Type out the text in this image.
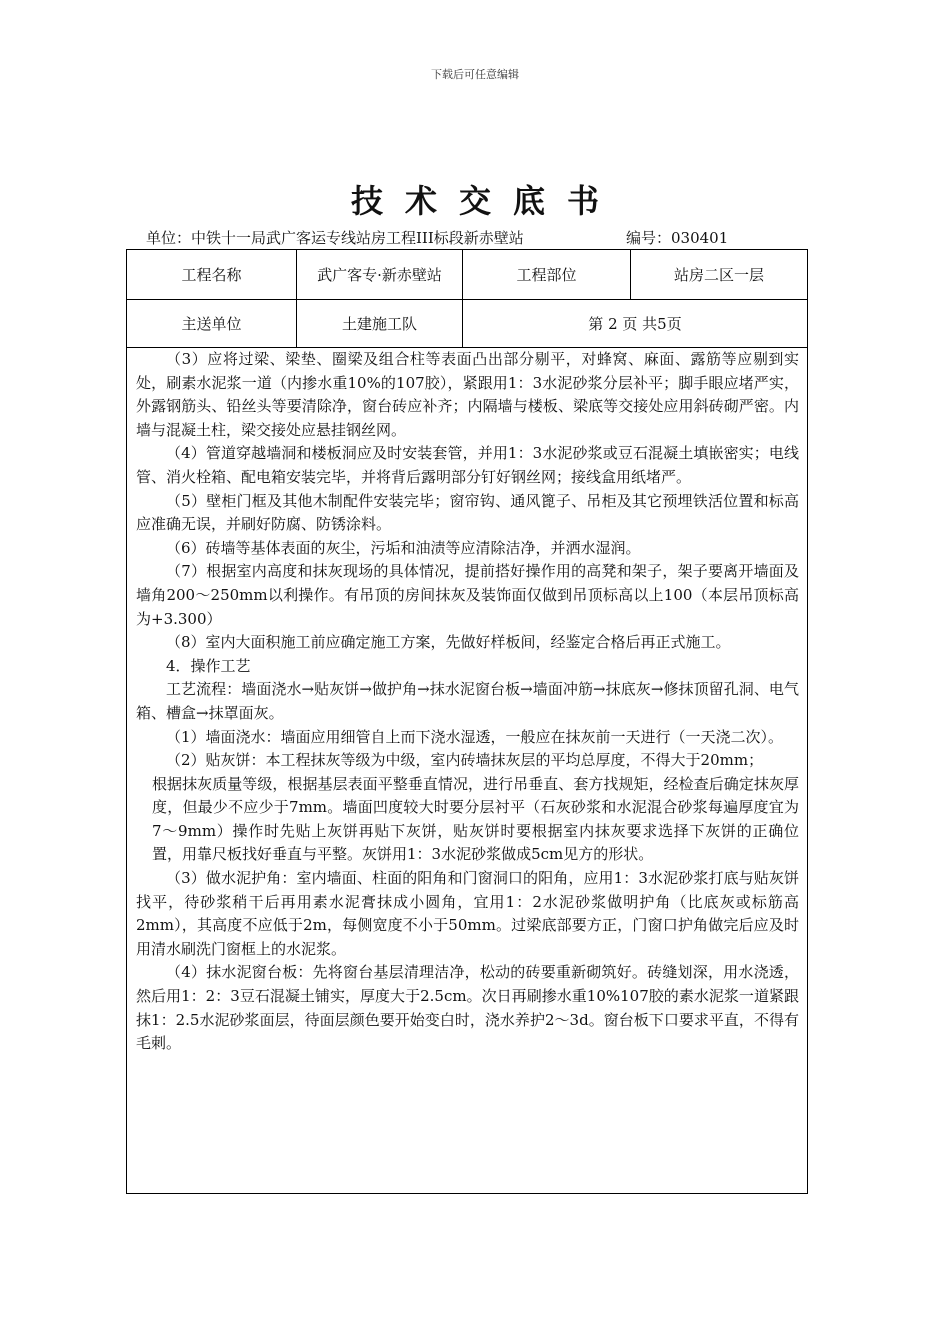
下载后可任意编辑
技术交底书
单位：中铁十一局武广客运专线站房工程III标段新赤壁站	编号：030401
工程名称	武广客专·新赤壁站	工程部位	站房二区一层
主送单位	土建施工队	第 2 页 共5页

（3）应将过梁、梁垫、圈梁及组合柱等表面凸出部分剔平，对蜂窝、麻面、露筋等应剔到实处，刷素水泥浆一道（内掺水重10%的107胶），紧跟用1：3水泥砂浆分层补平；脚手眼应堵严实，外露钢筋头、铅丝头等要清除净，窗台砖应补齐；内隔墙与楼板、梁底等交接处应用斜砖砌严密。内墙与混凝土柱，梁交接处应悬挂钢丝网。

（4）管道穿越墙洞和楼板洞应及时安装套管，并用1：3水泥砂浆或豆石混凝土填嵌密实；电线管、消火栓箱、配电箱安装完毕，并将背后露明部分钉好钢丝网；接线盒用纸堵严。

（5）壁柜门框及其他木制配件安装完毕；窗帘钩、通风篦子、吊柜及其它预埋铁活位置和标高应准确无误，并刷好防腐、防锈涂料。

（6）砖墙等基体表面的灰尘，污垢和油渍等应清除洁净，并洒水湿润。

（7）根据室内高度和抹灰现场的具体情况，提前搭好操作用的高凳和架子，架子要离开墙面及墙角200～250mm以利操作。有吊顶的房间抹灰及装饰面仅做到吊顶标高以上100（本层吊顶标高为+3.300）

（8）室内大面积施工前应确定施工方案，先做好样板间，经鉴定合格后再正式施工。

4．操作工艺

工艺流程：墙面浇水→贴灰饼→做护角→抹水泥窗台板→墙面冲筋→抹底灰→修抹顶留孔洞、电气箱、槽盒→抹罩面灰。

（1）墙面浇水：墙面应用细管自上而下浇水湿透，一般应在抹灰前一天进行（一天浇二次）。

（2）贴灰饼：本工程抹灰等级为中级，室内砖墙抹灰层的平均总厚度，不得大于20mm；

根据抹灰质量等级，根据基层表面平整垂直情况，进行吊垂直、套方找规矩，经检查后确定抹灰厚度，但最少不应少于7mm。墙面凹度较大时要分层衬平（石灰砂浆和水泥混合砂浆每遍厚度宜为7～9mm）操作时先贴上灰饼再贴下灰饼，贴灰饼时要根据室内抹灰要求选择下灰饼的正确位置，用靠尺板找好垂直与平整。灰饼用1：3水泥砂浆做成5cm见方的形状。

（3）做水泥护角：室内墙面、柱面的阳角和门窗洞口的阳角，应用1：3水泥砂浆打底与贴灰饼找平，待砂浆稍干后再用素水泥膏抹成小圆角，宜用1：2水泥砂浆做明护角（比底灰或标筋高2mm），其高度不应低于2m，每侧宽度不小于50mm。过梁底部要方正，门窗口护角做完后应及时用清水刷洗门窗框上的水泥浆。

（4）抹水泥窗台板：先将窗台基层清理洁净，松动的砖要重新砌筑好。砖缝划深，用水浇透，然后用1：2：3豆石混凝土铺实，厚度大于2.5cm。次日再刷掺水重10%107胶的素水泥浆一道紧跟抹1：2.5水泥砂浆面层，待面层颜色要开始变白时，浇水养护2～3d。窗台板下口要求平直，不得有毛刺。
